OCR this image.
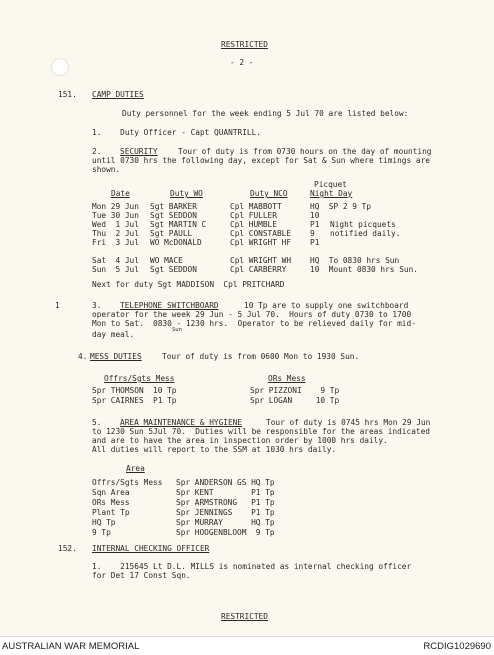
RESTRICTED
- 2 -
151. CAMP DUTIES
Duty personnel for the week ending 5 Jul 70 are listed below:
1.    Duty Officer - Capt QUANTRILL.
2. SECURITY	Tour of duty is from 0730 hours on the day of mounting
until 0730 hrs the following day, except for Sat & Sun where timings are
shown.
Picquet
Date	Duty WO	Duty NCO	Night Day
Mon 29 Jun Sgt BARKER	Cpl MABBOTT	HQ  SP 2 9 Tp
Tue 30 Jun Sgt SEDDON	Cpl FULLER	10
Wed  1 Jul Sgt MARTIN C	Cpl HUMBLE	P1
Thu  2 Jul Sgt PAULL	Cpl CONSTABLE 9
Fri  3 Jul WO McDONALD	Cpl WRIGHT HF P1
Sat  4 Jul WO MACE	Cpl WRIGHT WH HQ  To 0830 hrs Sun
Sun  5 Jul Sgt SEDDON	Cpl CARBERRY	10  Mount 0830 hrs Sun.
Night picquets
notified daily.
Next for duty Sgt MADDISON  Cpl PRITCHARD
1	3. TELEPHONE SWITCHBOARD	10 Tp are to supply one switchboard
operator for the week 29 Jun - 5 Jul 70.  Hours of duty 0730 to 1700
Mon to Sat.  0830 - 1230 hrs.  Operator to be relieved daily for mid-
Sun
day meal.
4. MESS DUTIES	Tour of duty is from 0600 Mon to 1930 Sun.
Offrs/Sgts Mess
Spr THOMSON  10 Tp
Spr CAIRNES  P1 Tp
ORs Mess
Spr PIZZONI    9 Tp
Spr LOGAN     10 Tp
5. AREA MAINTENANCE & HYGIENE	Tour of duty is 0745 hrs Mon 29 Jun
to 1230 Sun 5Jul 70.  Duties will be responsible for the areas indicated
and are to have the area in inspection order by 1000 hrs daily.
All duties will report to the SSM at 1030 hrs daily.
Area
Offrs/Sgts Mess Spr ANDERSON GS HQ Tp
Sqn Area	Spr KENT        P1 Tp
ORs Mess	Spr ARMSTRONG   P1 Tp
Plant Tp	Spr JENNINGS    P1 Tp
HQ Tp	Spr MURRAY      HQ Tp
9 Tp	Spr HOOGENBLOOM  9 Tp
152. INTERNAL CHECKING OFFICER
1.    215645 Lt D.L. MILLS is nominated as internal checking officer
for Det 17 Const Sqn.
RESTRICTED
AUSTRALIAN WAR MEMORIAL	RCDIG1029690
